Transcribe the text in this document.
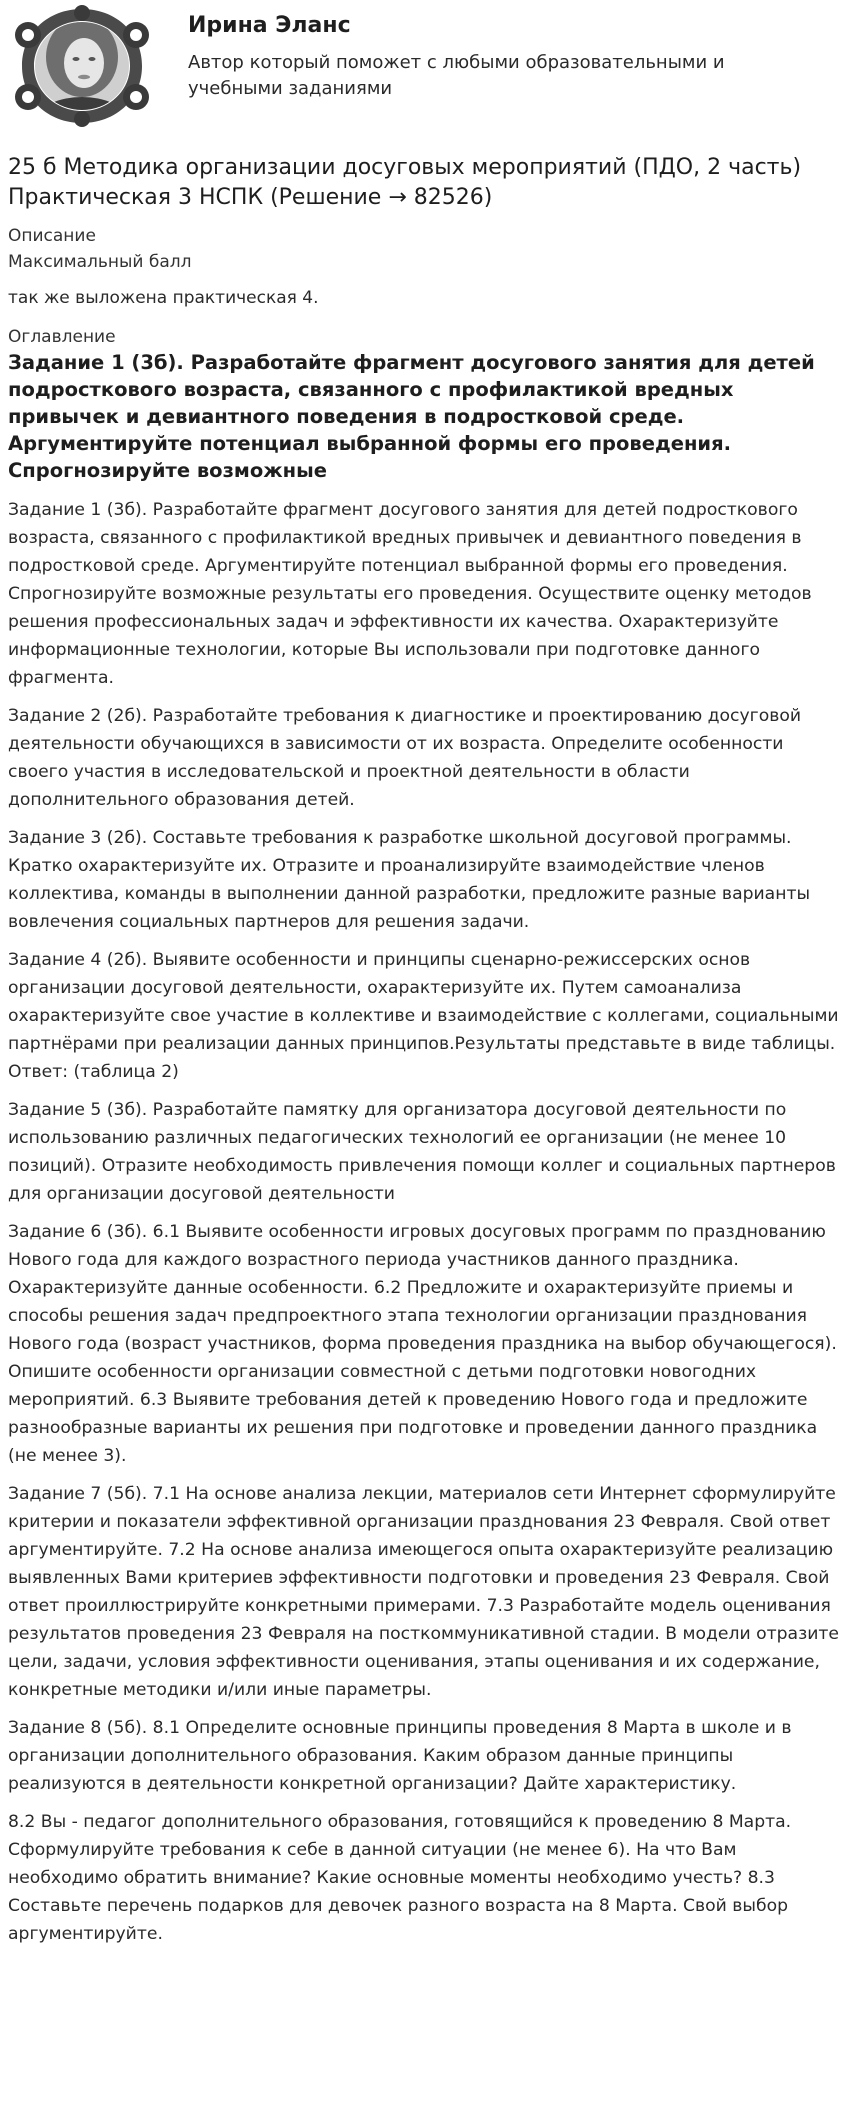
Ирина Эланс

Автор который поможет с любыми образовательными и учебными заданиями

25 б Методика организации досуговых мероприятий (ПДО, 2 часть) Практическая 3 НСПК (Решение → 82526)

Описание

Максимальный балл

так же выложена практическая 4.

Оглавление

Задание 1 (3б). Разработайте фрагмент досугового занятия для детей подросткового возраста, связанного с профилактикой вредных привычек и девиантного поведения в подростковой среде. Аргументируйте потенциал выбранной формы его проведения. Спрогнозируйте возможные

Задание 1 (3б). Разработайте фрагмент досугового занятия для детей подросткового возраста, связанного с профилактикой вредных привычек и девиантного поведения в подростковой среде. Аргументируйте потенциал выбранной формы его проведения. Спрогнозируйте возможные результаты его проведения. Осуществите оценку методов решения профессиональных задач и эффективности их качества. Охарактеризуйте информационные технологии, которые Вы использовали при подготовке данного фрагмента.

Задание 2 (2б). Разработайте требования к диагностике и проектированию досуговой деятельности обучающихся в зависимости от их возраста. Определите особенности своего участия в исследовательской и проектной деятельности в области дополнительного образования детей.

Задание 3 (2б). Составьте требования к разработке школьной досуговой программы. Кратко охарактеризуйте их. Отразите и проанализируйте взаимодействие членов коллектива, команды в выполнении данной разработки, предложите разные варианты вовлечения социальных партнеров для решения задачи.

Задание 4 (2б). Выявите особенности и принципы сценарно-режиссерских основ организации досуговой деятельности, охарактеризуйте их. Путем самоанализа охарактеризуйте свое участие в коллективе и взаимодействие с коллегами, социальными партнёрами при реализации данных принципов.Результаты представьте в виде таблицы. Ответ: (таблица 2)

Задание 5 (3б). Разработайте памятку для организатора досуговой деятельности по использованию различных педагогических технологий ее организации (не менее 10 позиций). Отразите необходимость привлечения помощи коллег и социальных партнеров для организации досуговой деятельности

Задание 6 (3б). 6.1 Выявите особенности игровых досуговых программ по празднованию Нового года для каждого возрастного периода участников данного праздника. Охарактеризуйте данные особенности. 6.2 Предложите и охарактеризуйте приемы и способы решения задач предпроектного этапа технологии организации празднования Нового года (возраст участников, форма проведения праздника на выбор обучающегося). Опишите особенности организации совместной с детьми подготовки новогодних мероприятий. 6.3 Выявите требования детей к проведению Нового года и предложите разнообразные варианты их решения при подготовке и проведении данного праздника (не менее 3).

Задание 7 (5б). 7.1 На основе анализа лекции, материалов сети Интернет сформулируйте критерии и показатели эффективной организации празднования 23 Февраля. Свой ответ аргументируйте. 7.2 На основе анализа имеющегося опыта охарактеризуйте реализацию выявленных Вами критериев эффективности подготовки и проведения 23 Февраля. Свой ответ проиллюстрируйте конкретными примерами. 7.3 Разработайте модель оценивания результатов проведения 23 Февраля на посткоммуникативной стадии. В модели отразите цели, задачи, условия эффективности оценивания, этапы оценивания и их содержание, конкретные методики и/или иные параметры.

Задание 8 (5б). 8.1 Определите основные принципы проведения 8 Марта в школе и в организации дополнительного образования. Каким образом данные принципы реализуются в деятельности конкретной организации? Дайте характеристику.

8.2 Вы - педагог дополнительного образования, готовящийся к проведению 8 Марта. Сформулируйте требования к себе в данной ситуации (не менее 6). На что Вам необходимо обратить внимание? Какие основные моменты необходимо учесть? 8.3 Составьте перечень подарков для девочек разного возраста на 8 Марта. Свой выбор аргументируйте.
